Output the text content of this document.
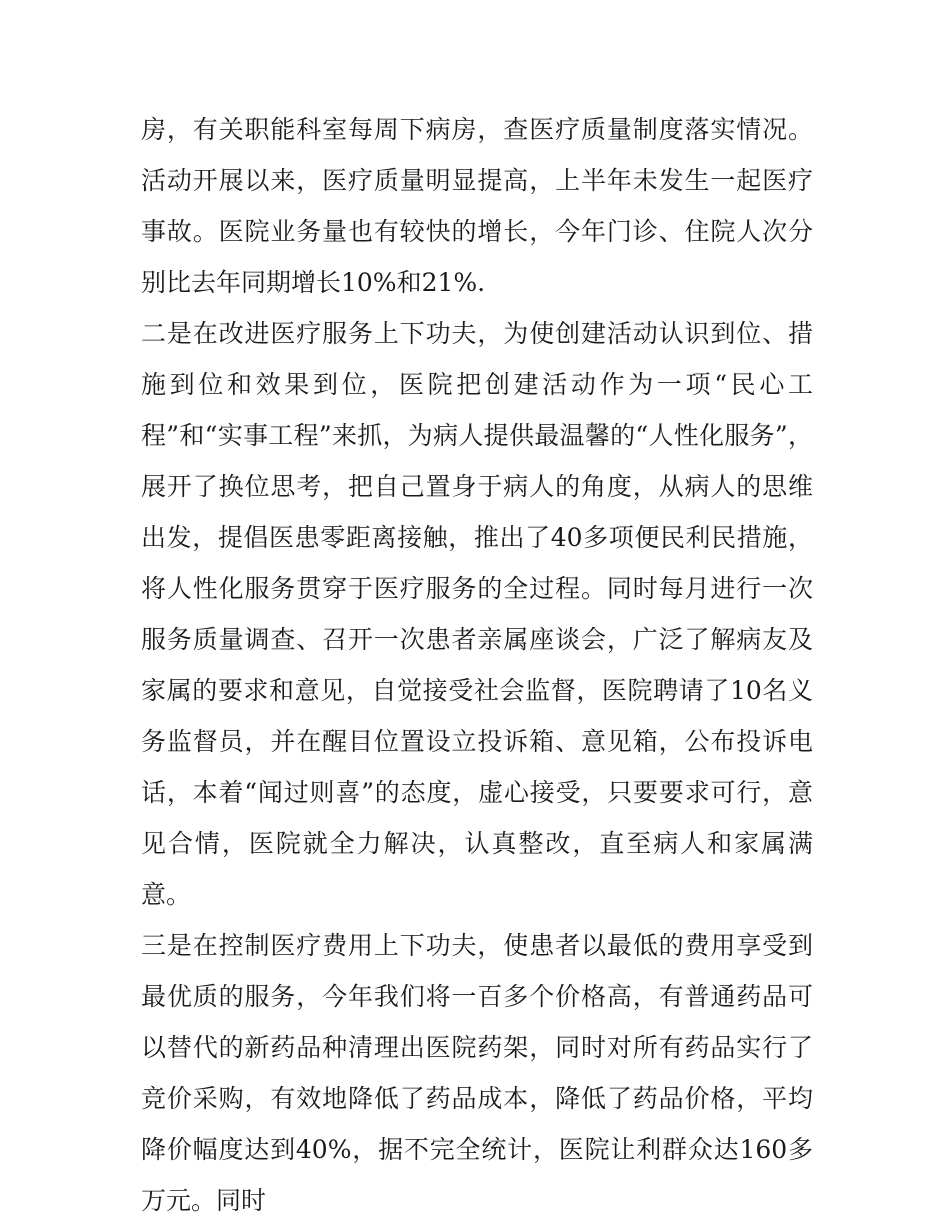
房，有关职能科室每周下病房，查医疗质量制度落实情况。活动开展以来，医疗质量明显提高，上半年未发生一起医疗事故。医院业务量也有较快的增长，今年门诊、住院人次分别比去年同期增长10%和21%.

二是在改进医疗服务上下功夫，为使创建活动认识到位、措施到位和效果到位，医院把创建活动作为一项“民心工程”和“实事工程”来抓，为病人提供最温馨的“人性化服务”，展开了换位思考，把自己置身于病人的角度，从病人的思维出发，提倡医患零距离接触，推出了40多项便民利民措施，将人性化服务贯穿于医疗服务的全过程。同时每月进行一次服务质量调查、召开一次患者亲属座谈会，广泛了解病友及家属的要求和意见，自觉接受社会监督，医院聘请了10名义务监督员，并在醒目位置设立投诉箱、意见箱，公布投诉电话，本着“闻过则喜”的态度，虚心接受，只要要求可行，意见合情，医院就全力解决，认真整改，直至病人和家属满意。

三是在控制医疗费用上下功夫，使患者以最低的费用享受到最优质的服务，今年我们将一百多个价格高，有普通药品可以替代的新药品种清理出医院药架，同时对所有药品实行了竞价采购，有效地降低了药品成本，降低了药品价格，平均降价幅度达到40%，据不完全统计，医院让利群众达160多万元。同时
